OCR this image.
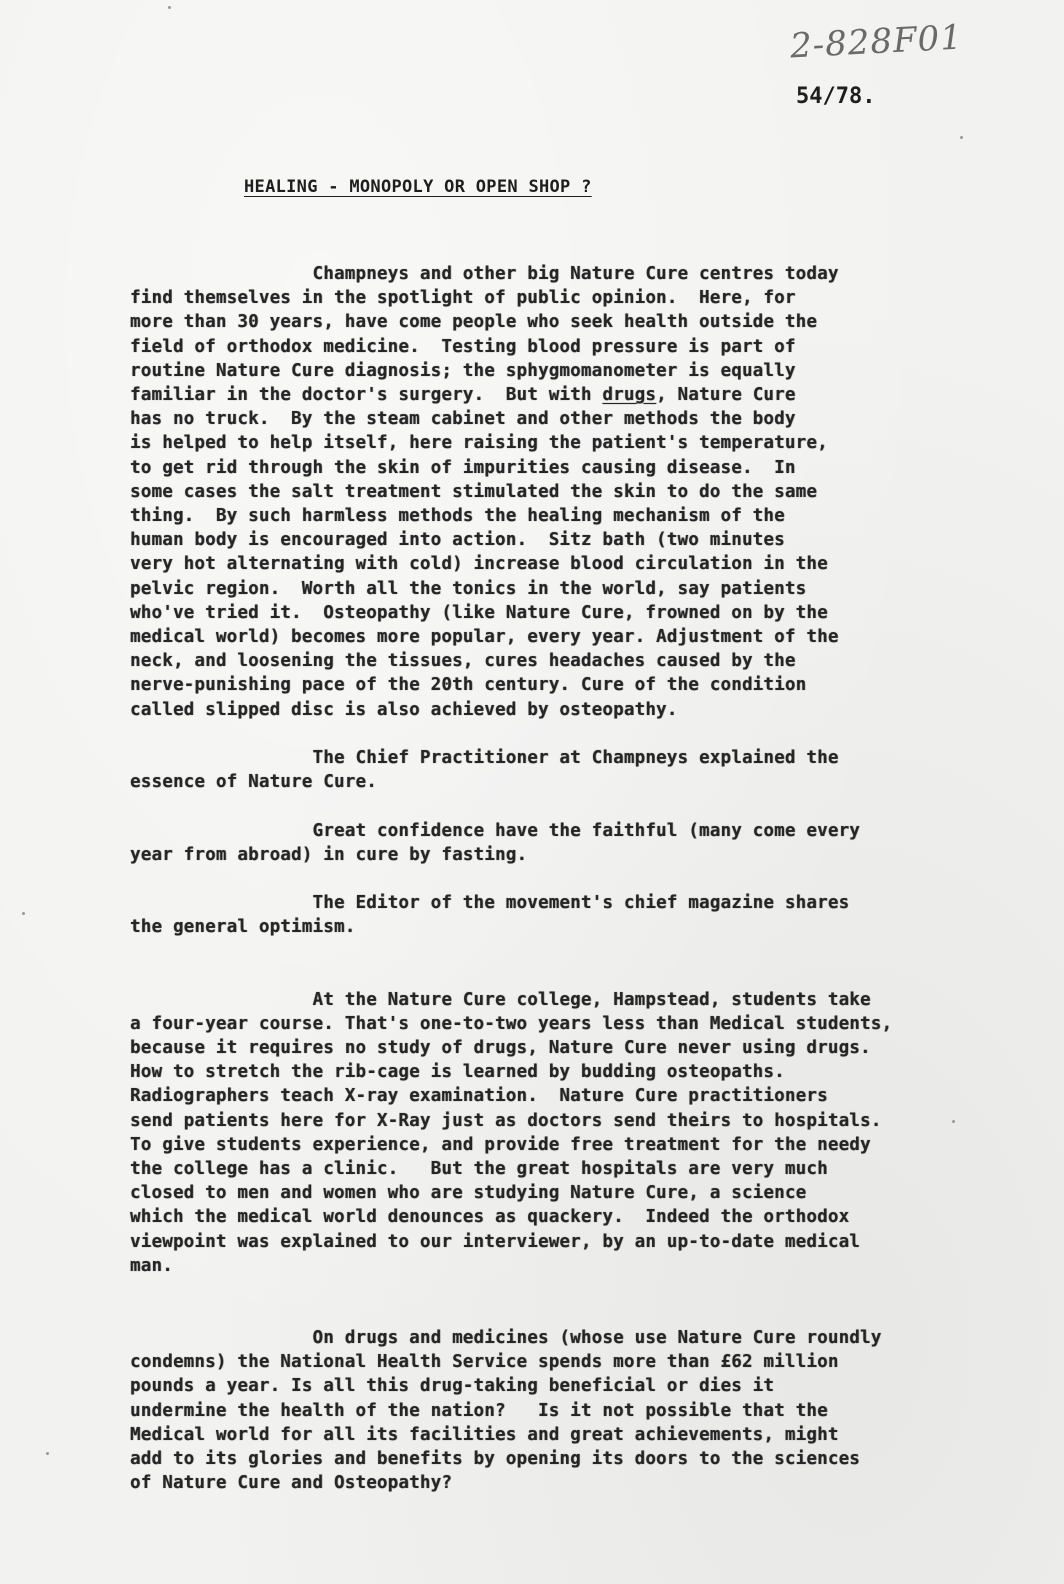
2-828F01
54/78.
HEALING - MONOPOLY OR OPEN SHOP ?
Champneys and other big Nature Cure centres today
find themselves in the spotlight of public opinion.  Here, for
more than 30 years, have come people who seek health outside the
field of orthodox medicine.  Testing blood pressure is part of
routine Nature Cure diagnosis; the sphygmomanometer is equally
familiar in the doctor's surgery.  But with drugs, Nature Cure
has no truck.  By the steam cabinet and other methods the body
is helped to help itself, here raising the patient's temperature,
to get rid through the skin of impurities causing disease.  In
some cases the salt treatment stimulated the skin to do the same
thing.  By such harmless methods the healing mechanism of the
human body is encouraged into action.  Sitz bath (two minutes
very hot alternating with cold) increase blood circulation in the
pelvic region.  Worth all the tonics in the world, say patients
who've tried it.  Osteopathy (like Nature Cure, frowned on by the
medical world) becomes more popular, every year. Adjustment of the
neck, and loosening the tissues, cures headaches caused by the
nerve-punishing pace of the 20th century. Cure of the condition
called slipped disc is also achieved by osteopathy.
The Chief Practitioner at Champneys explained the
essence of Nature Cure.
Great confidence have the faithful (many come every
year from abroad) in cure by fasting.
The Editor of the movement's chief magazine shares
the general optimism.
At the Nature Cure college, Hampstead, students take
a four-year course. That's one-to-two years less than Medical students,
because it requires no study of drugs, Nature Cure never using drugs.
How to stretch the rib-cage is learned by budding osteopaths.
Radiographers teach X-ray examination.  Nature Cure practitioners
send patients here for X-Ray just as doctors send theirs to hospitals.
To give students experience, and provide free treatment for the needy
the college has a clinic.   But the great hospitals are very much
closed to men and women who are studying Nature Cure, a science
which the medical world denounces as quackery.  Indeed the orthodox
viewpoint was explained to our interviewer, by an up-to-date medical
man.
On drugs and medicines (whose use Nature Cure roundly
condemns) the National Health Service spends more than £62 million
pounds a year. Is all this drug-taking beneficial or dies it
undermine the health of the nation?   Is it not possible that the
Medical world for all its facilities and great achievements, might
add to its glories and benefits by opening its doors to the sciences
of Nature Cure and Osteopathy?
